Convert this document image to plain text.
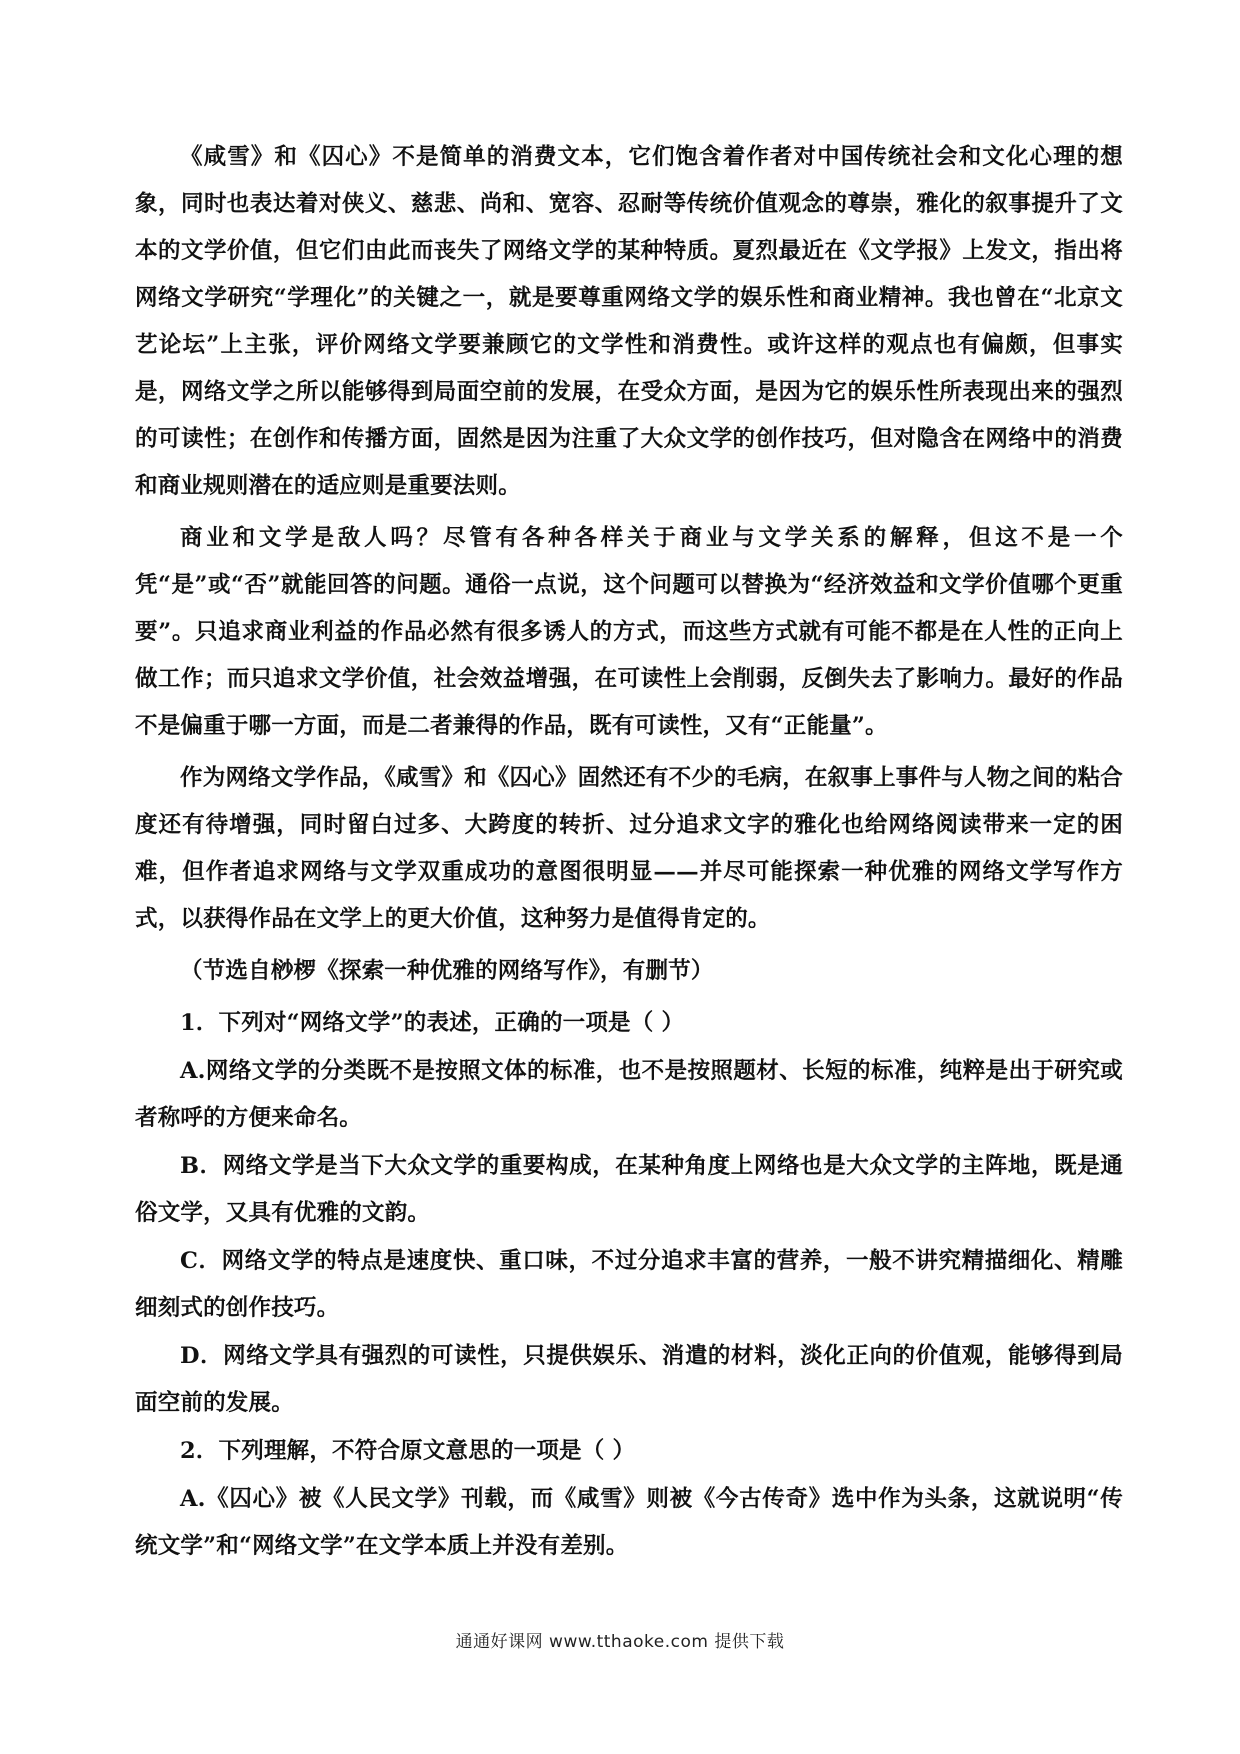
《咸雪》和《囚心》不是简单的消费文本，它们饱含着作者对中国传统社会和文化心理的想象，同时也表达着对侠义、慈悲、尚和、宽容、忍耐等传统价值观念的尊崇，雅化的叙事提升了文本的文学价值，但它们由此而丧失了网络文学的某种特质。夏烈最近在《文学报》上发文，指出将网络文学研究“学理化”的关键之一，就是要尊重网络文学的娱乐性和商业精神。我也曾在“北京文艺论坛”上主张，评价网络文学要兼顾它的文学性和消费性。或许这样的观点也有偏颇，但事实是，网络文学之所以能够得到局面空前的发展，在受众方面，是因为它的娱乐性所表现出来的强烈的可读性；在创作和传播方面，固然是因为注重了大众文学的创作技巧，但对隐含在网络中的消费和商业规则潜在的适应则是重要法则。

商业和文学是敌人吗？尽管有各种各样关于商业与文学关系的解释，但这不是一个凭“是”或“否”就能回答的问题。通俗一点说，这个问题可以替换为“经济效益和文学价值哪个更重要”。只追求商业利益的作品必然有很多诱人的方式，而这些方式就有可能不都是在人性的正向上做工作；而只追求文学价值，社会效益增强，在可读性上会削弱，反倒失去了影响力。最好的作品不是偏重于哪一方面，而是二者兼得的作品，既有可读性，又有“正能量”。

作为网络文学作品，《咸雪》和《囚心》固然还有不少的毛病，在叙事上事件与人物之间的粘合度还有待增强，同时留白过多、大跨度的转折、过分追求文字的雅化也给网络阅读带来一定的困难，但作者追求网络与文学双重成功的意图很明显——并尽可能探索一种优雅的网络文学写作方式，以获得作品在文学上的更大价值，这种努力是值得肯定的。

（节选自桫椤《探索一种优雅的网络写作》，有删节）

1．下列对“网络文学”的表述，正确的一项是（ ）

A.网络文学的分类既不是按照文体的标准，也不是按照题材、长短的标准，纯粹是出于研究或者称呼的方便来命名。

B．网络文学是当下大众文学的重要构成，在某种角度上网络也是大众文学的主阵地，既是通俗文学，又具有优雅的文韵。

C．网络文学的特点是速度快、重口味，不过分追求丰富的营养，一般不讲究精描细化、精雕细刻式的创作技巧。

D．网络文学具有强烈的可读性，只提供娱乐、消遣的材料，淡化正向的价值观，能够得到局面空前的发展。

2．下列理解，不符合原文意思的一项是（ ）

A.《囚心》被《人民文学》刊载，而《咸雪》则被《今古传奇》选中作为头条，这就说明“传统文学”和“网络文学”在文学本质上并没有差别。

通通好课网 www.tthaoke.com 提供下载
